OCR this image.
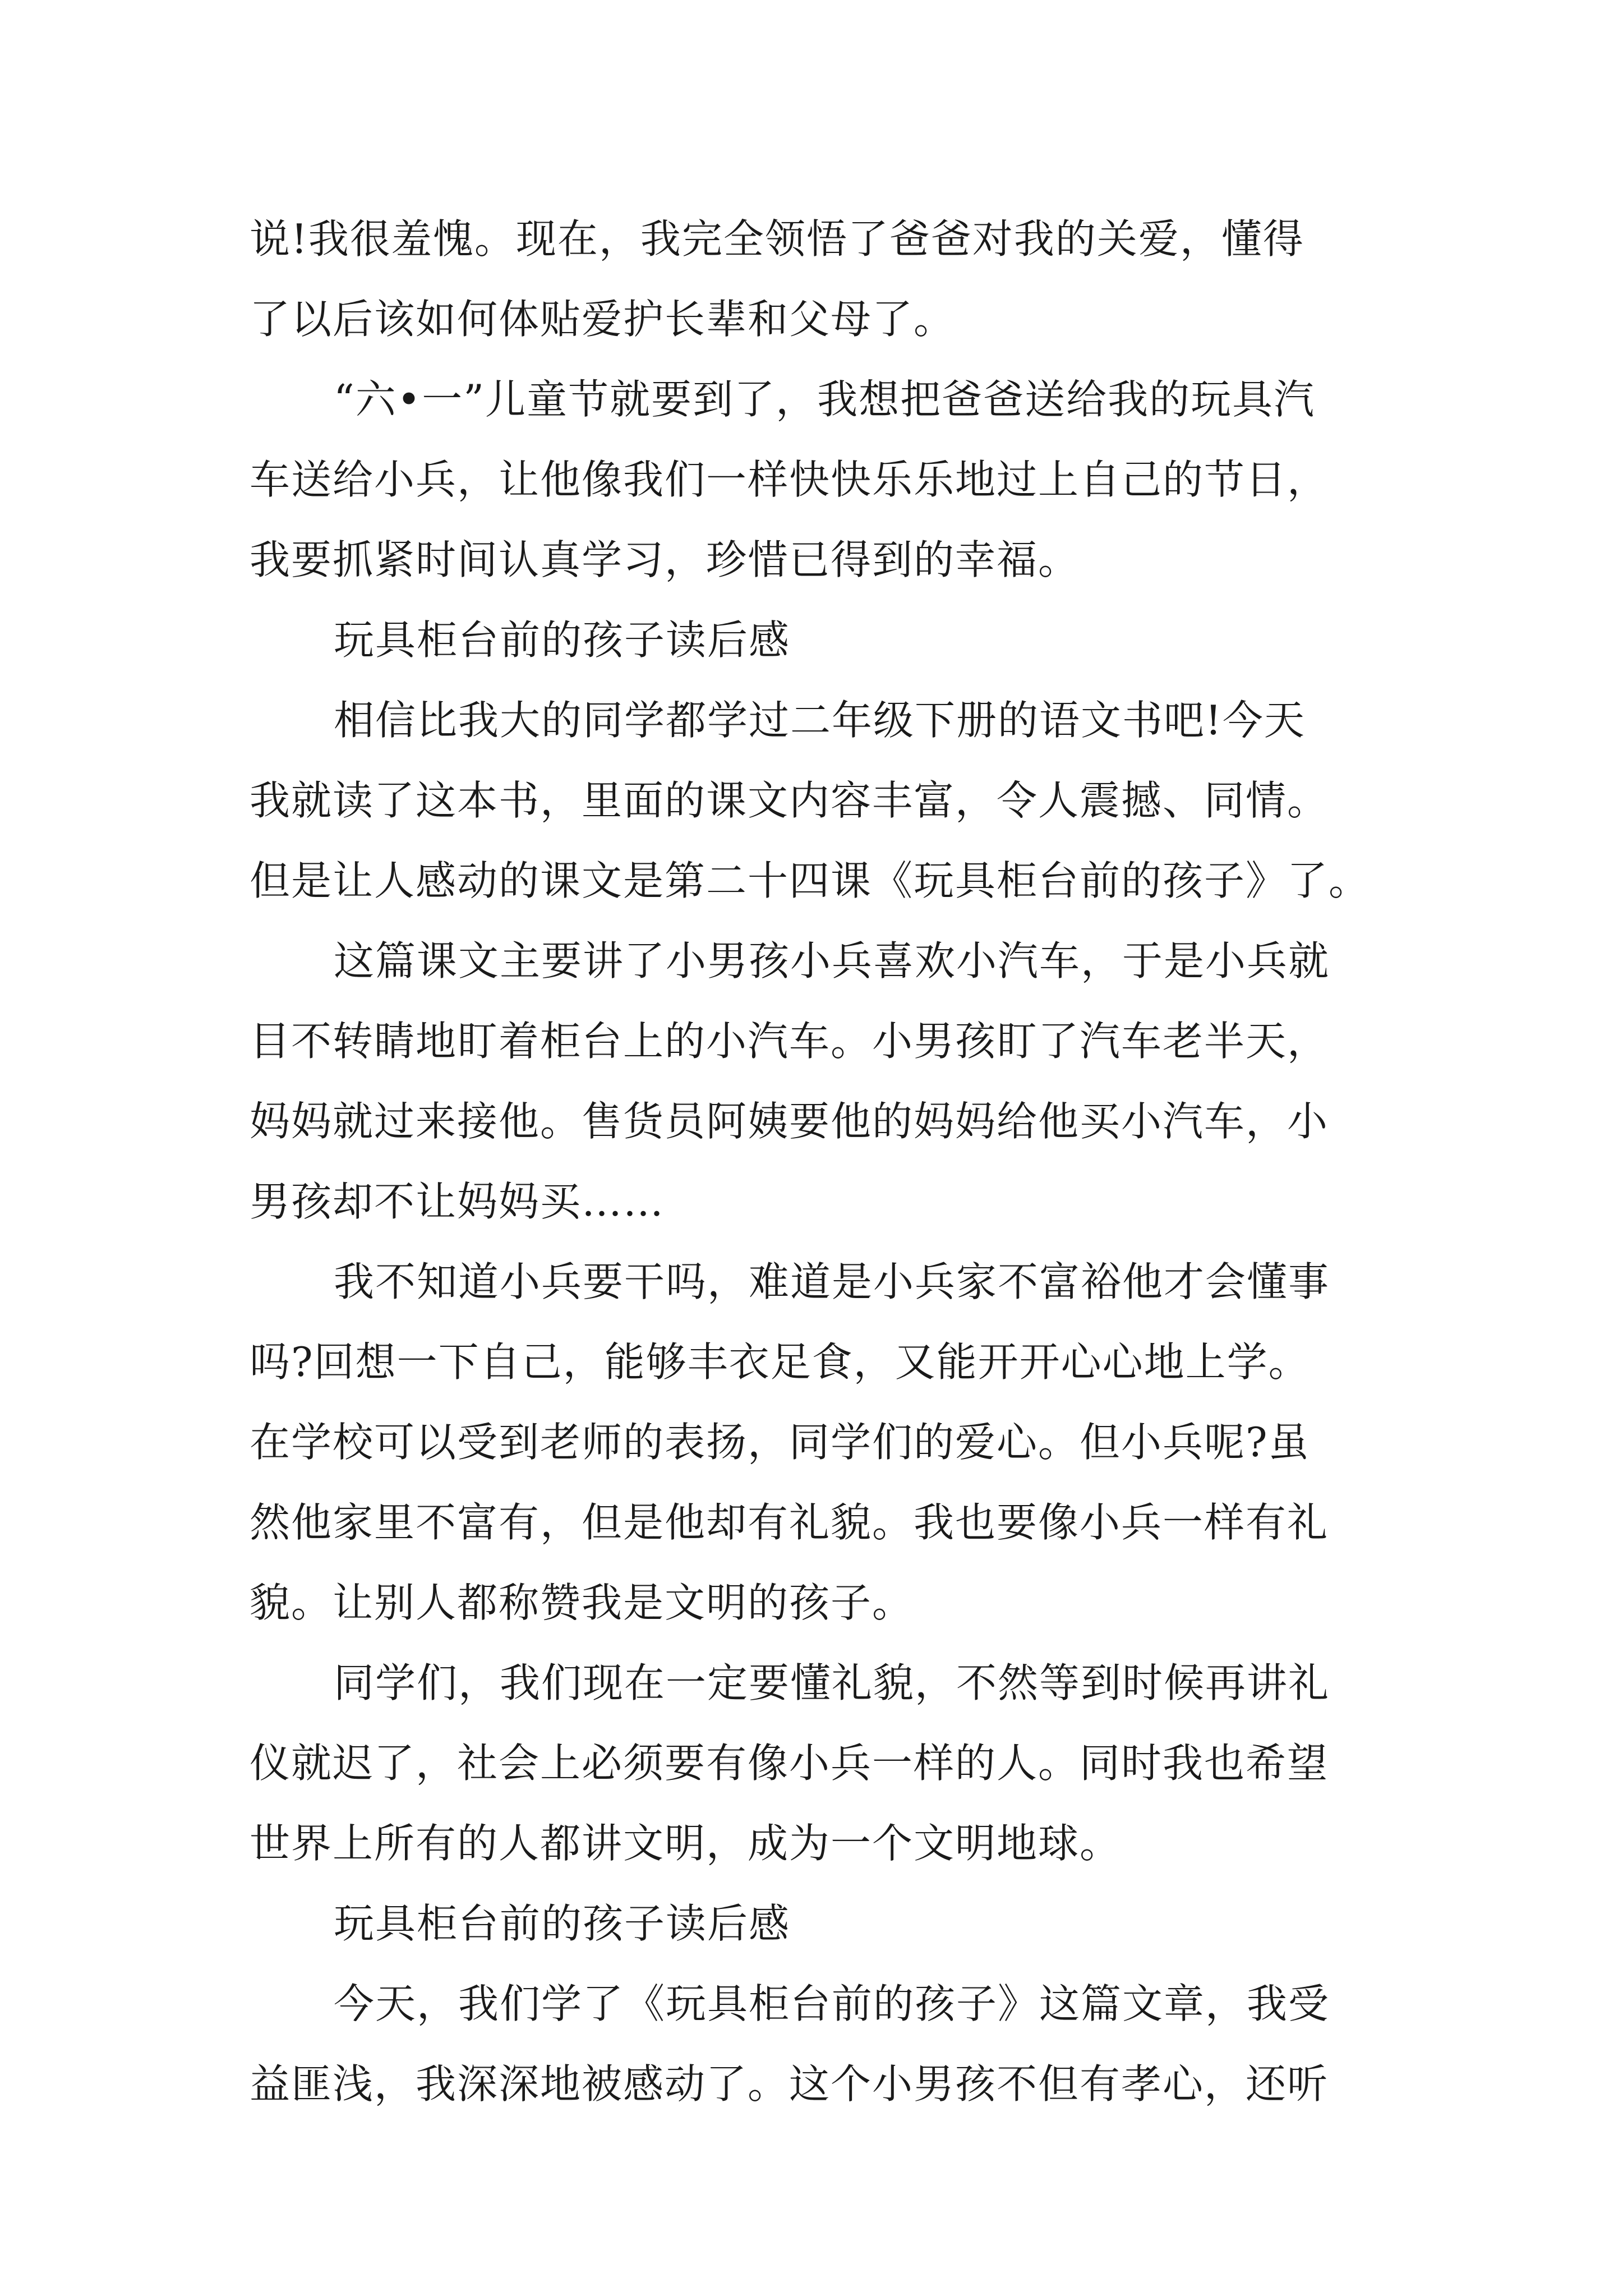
说!我很羞愧。现在，我完全领悟了爸爸对我的关爱，懂得
了以后该如何体贴爱护长辈和父母了。
“六•一”儿童节就要到了，我想把爸爸送给我的玩具汽
车送给小兵，让他像我们一样快快乐乐地过上自己的节日，
我要抓紧时间认真学习，珍惜已得到的幸福。
玩具柜台前的孩子读后感
相信比我大的同学都学过二年级下册的语文书吧!今天
我就读了这本书，里面的课文内容丰富，令人震撼、同情。
但是让人感动的课文是第二十四课《玩具柜台前的孩子》了。
这篇课文主要讲了小男孩小兵喜欢小汽车，于是小兵就
目不转睛地盯着柜台上的小汽车。小男孩盯了汽车老半天，
妈妈就过来接他。售货员阿姨要他的妈妈给他买小汽车，小
男孩却不让妈妈买……
我不知道小兵要干吗，难道是小兵家不富裕他才会懂事
吗?回想一下自己，能够丰衣足食，又能开开心心地上学。
在学校可以受到老师的表扬，同学们的爱心。但小兵呢?虽
然他家里不富有，但是他却有礼貌。我也要像小兵一样有礼
貌。让别人都称赞我是文明的孩子。
同学们，我们现在一定要懂礼貌，不然等到时候再讲礼
仪就迟了，社会上必须要有像小兵一样的人。同时我也希望
世界上所有的人都讲文明，成为一个文明地球。
玩具柜台前的孩子读后感
今天，我们学了《玩具柜台前的孩子》这篇文章，我受
益匪浅，我深深地被感动了。这个小男孩不但有孝心，还听
